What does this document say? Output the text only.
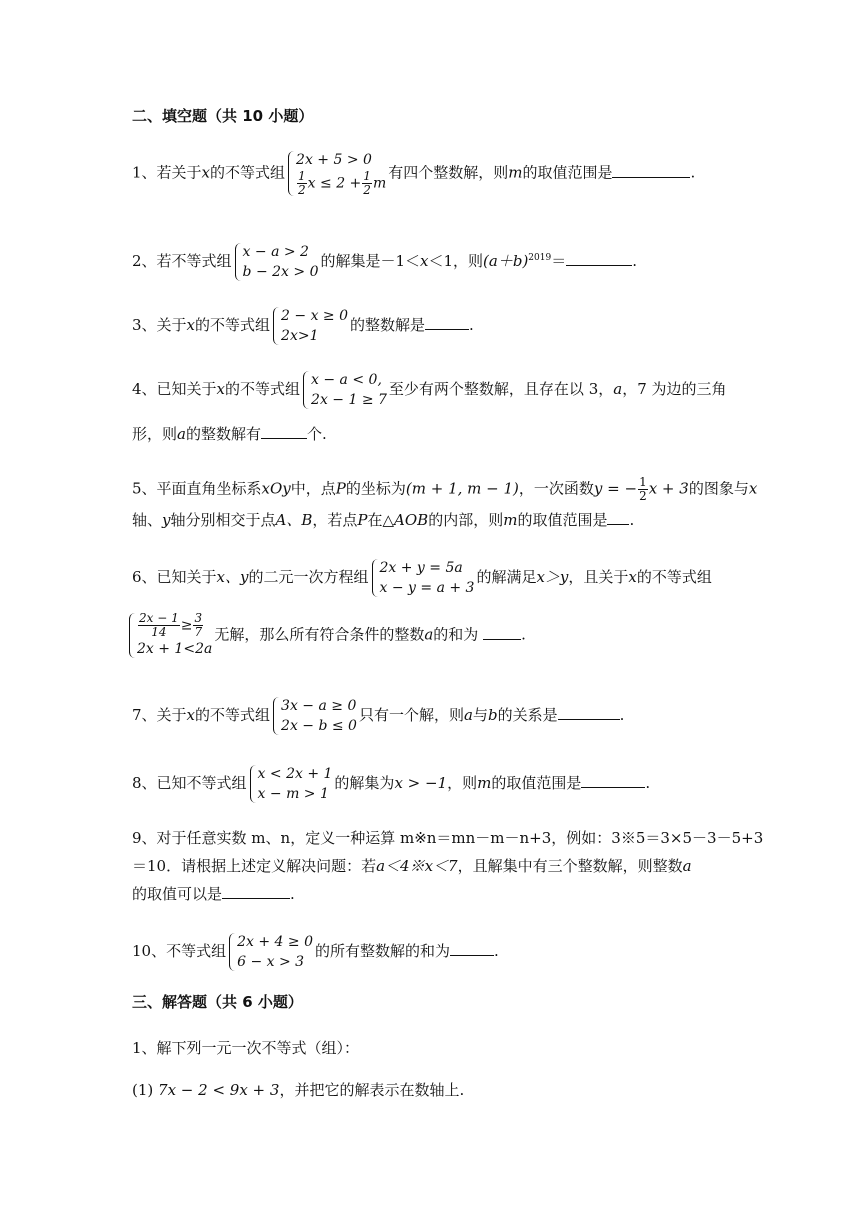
二、填空题（共 10 小题）
1、若关于x的不等式组
2x + 5 > 0
$\frac{1}{2}$ $x \le 2 + \frac{1}{2}$ m
有四个整数解，则m的取值范围是	.
2、若不等式组 x − a > 2
b − 2x > 0
的解集是－1＜x＜1，则$(a+b)^{2019}=$	.
3、关于x的不等式组 2 − x ≥ 0
2x>1
的整数解是	.
4、已知关于x的不等式组 x − a < 0,
2x − 1 ≥ 7
至少有两个整数解，且存在以 3，a，7 为边的三角
形，则a的整数解有	个.
5、平面直角坐标系xOy中，点P的坐标为(m + 1, m − 1)，一次函数y = − $\frac{1}{2}$ x + 3的图象与x
轴、y轴分别相交于点A、B，若点P在△AOB的内部，则m的取值范围是 .
6、已知关于x、y的二元一次方程组 2x + y = 5a
x − y = a + 3
的解满足x＞y，且关于x的不等式组
$\frac{2x - 1}{14} \ge \frac{3}{7}$
2x + 1<2a
无解，那么所有符合条件的整数a的和为	.
7、关于x的不等式组 3x − a ≥ 0
2x − b ≤ 0
只有一个解，则a与b的关系是	.
8、已知不等式组 x < 2x + 1
x − m > 1
的解集为x > −1，则m的取值范围是	.
9、对于任意实数 m、n，定义一种运算 m※n＝mn－m－n+3，例如：3※5＝3×5－3－5+3
＝10．请根据上述定义解决问题：若a＜4※x＜7，且解集中有三个整数解，则整数a
的取值可以是	.
10、不等式组 2x + 4 ≥ 0
6 − x > 3
的所有整数解的和为	.
三、解答题（共 6 小题）
1、解下列一元一次不等式（组）：
(1) 7x − 2 < 9x + 3，并把它的解表示在数轴上.
